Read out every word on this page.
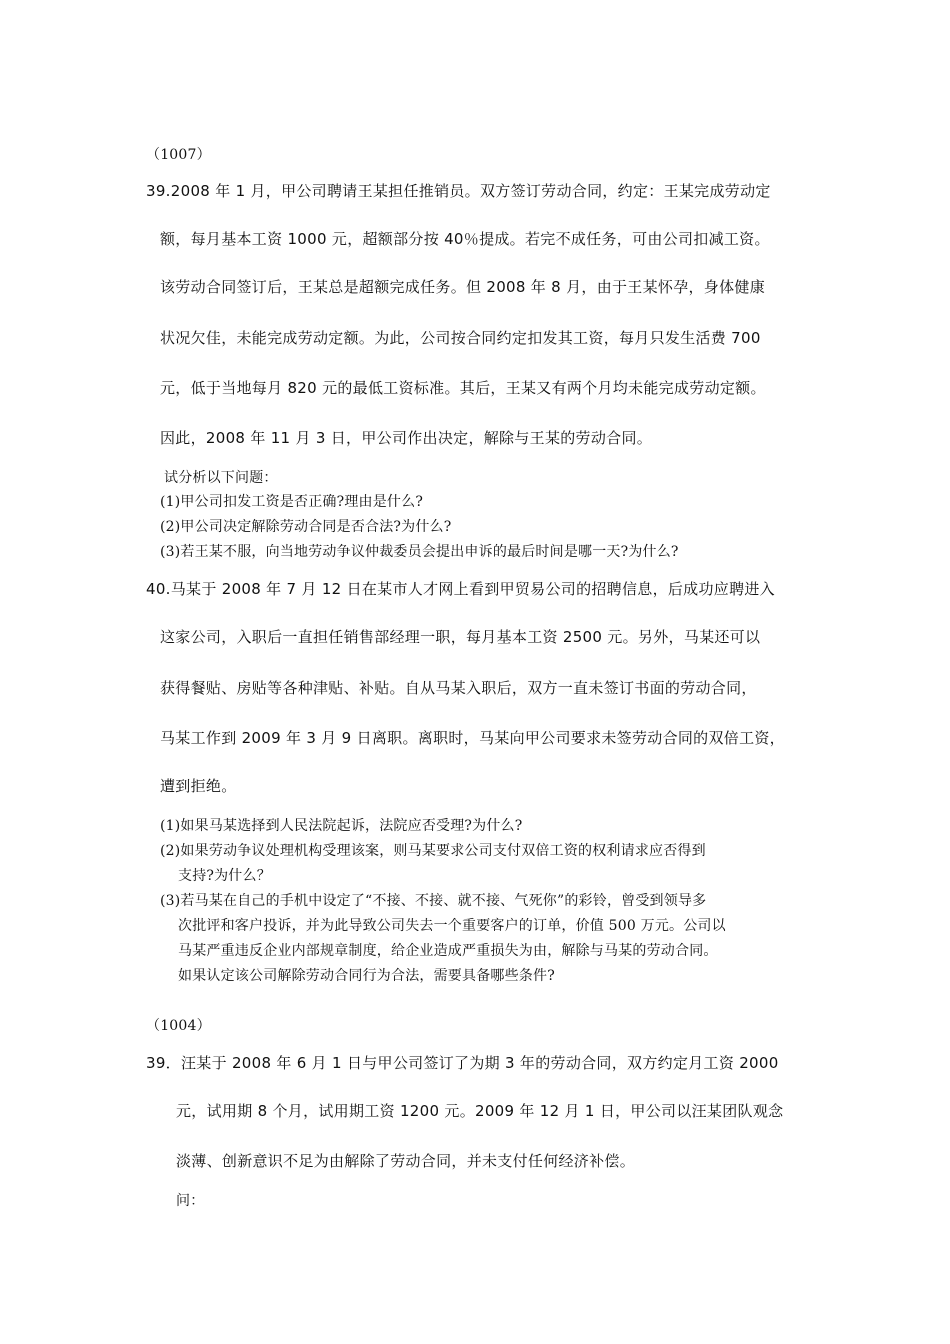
（1007）
39.2008 年 1 月，甲公司聘请王某担任推销员。双方签订劳动合同，约定：王某完成劳动定
额，每月基本工资 1000 元，超额部分按 40％提成。若完不成任务，可由公司扣减工资。
该劳动合同签订后，王某总是超额完成任务。但 2008 年 8 月，由于王某怀孕，身体健康
状况欠佳，未能完成劳动定额。为此，公司按合同约定扣发其工资，每月只发生活费 700
元，低于当地每月 820 元的最低工资标准。其后，王某又有两个月均未能完成劳动定额。
因此，2008 年 11 月 3 日，甲公司作出决定，解除与王某的劳动合同。
试分析以下问题：
(1)甲公司扣发工资是否正确?理由是什么?
(2)甲公司决定解除劳动合同是否合法?为什么?
(3)若王某不服，向当地劳动争议仲裁委员会提出申诉的最后时间是哪一天?为什么?
40.马某于 2008 年 7 月 12 日在某市人才网上看到甲贸易公司的招聘信息，后成功应聘进入
这家公司，入职后一直担任销售部经理一职，每月基本工资 2500 元。另外，马某还可以
获得餐贴、房贴等各种津贴、补贴。自从马某入职后，双方一直未签订书面的劳动合同，
马某工作到 2009 年 3 月 9 日离职。离职时，马某向甲公司要求未签劳动合同的双倍工资，
遭到拒绝。
(1)如果马某选择到人民法院起诉，法院应否受理?为什么?
(2)如果劳动争议处理机构受理该案，则马某要求公司支付双倍工资的权利请求应否得到
支持?为什么？
(3)若马某在自己的手机中设定了“不接、不接、就不接、气死你”的彩铃，曾受到领导多
次批评和客户投诉，并为此导致公司失去一个重要客户的订单，价值 500 万元。公司以
马某严重违反企业内部规章制度，给企业造成严重损失为由，解除与马某的劳动合同。
如果认定该公司解除劳动合同行为合法，需要具备哪些条件?
（1004）
39．汪某于 2008 年 6 月 1 日与甲公司签订了为期 3 年的劳动合同，双方约定月工资 2000
元，试用期 8 个月，试用期工资 1200 元。2009 年 12 月 1 日，甲公司以汪某团队观念
淡薄、创新意识不足为由解除了劳动合同，并未支付任何经济补偿。
问：
